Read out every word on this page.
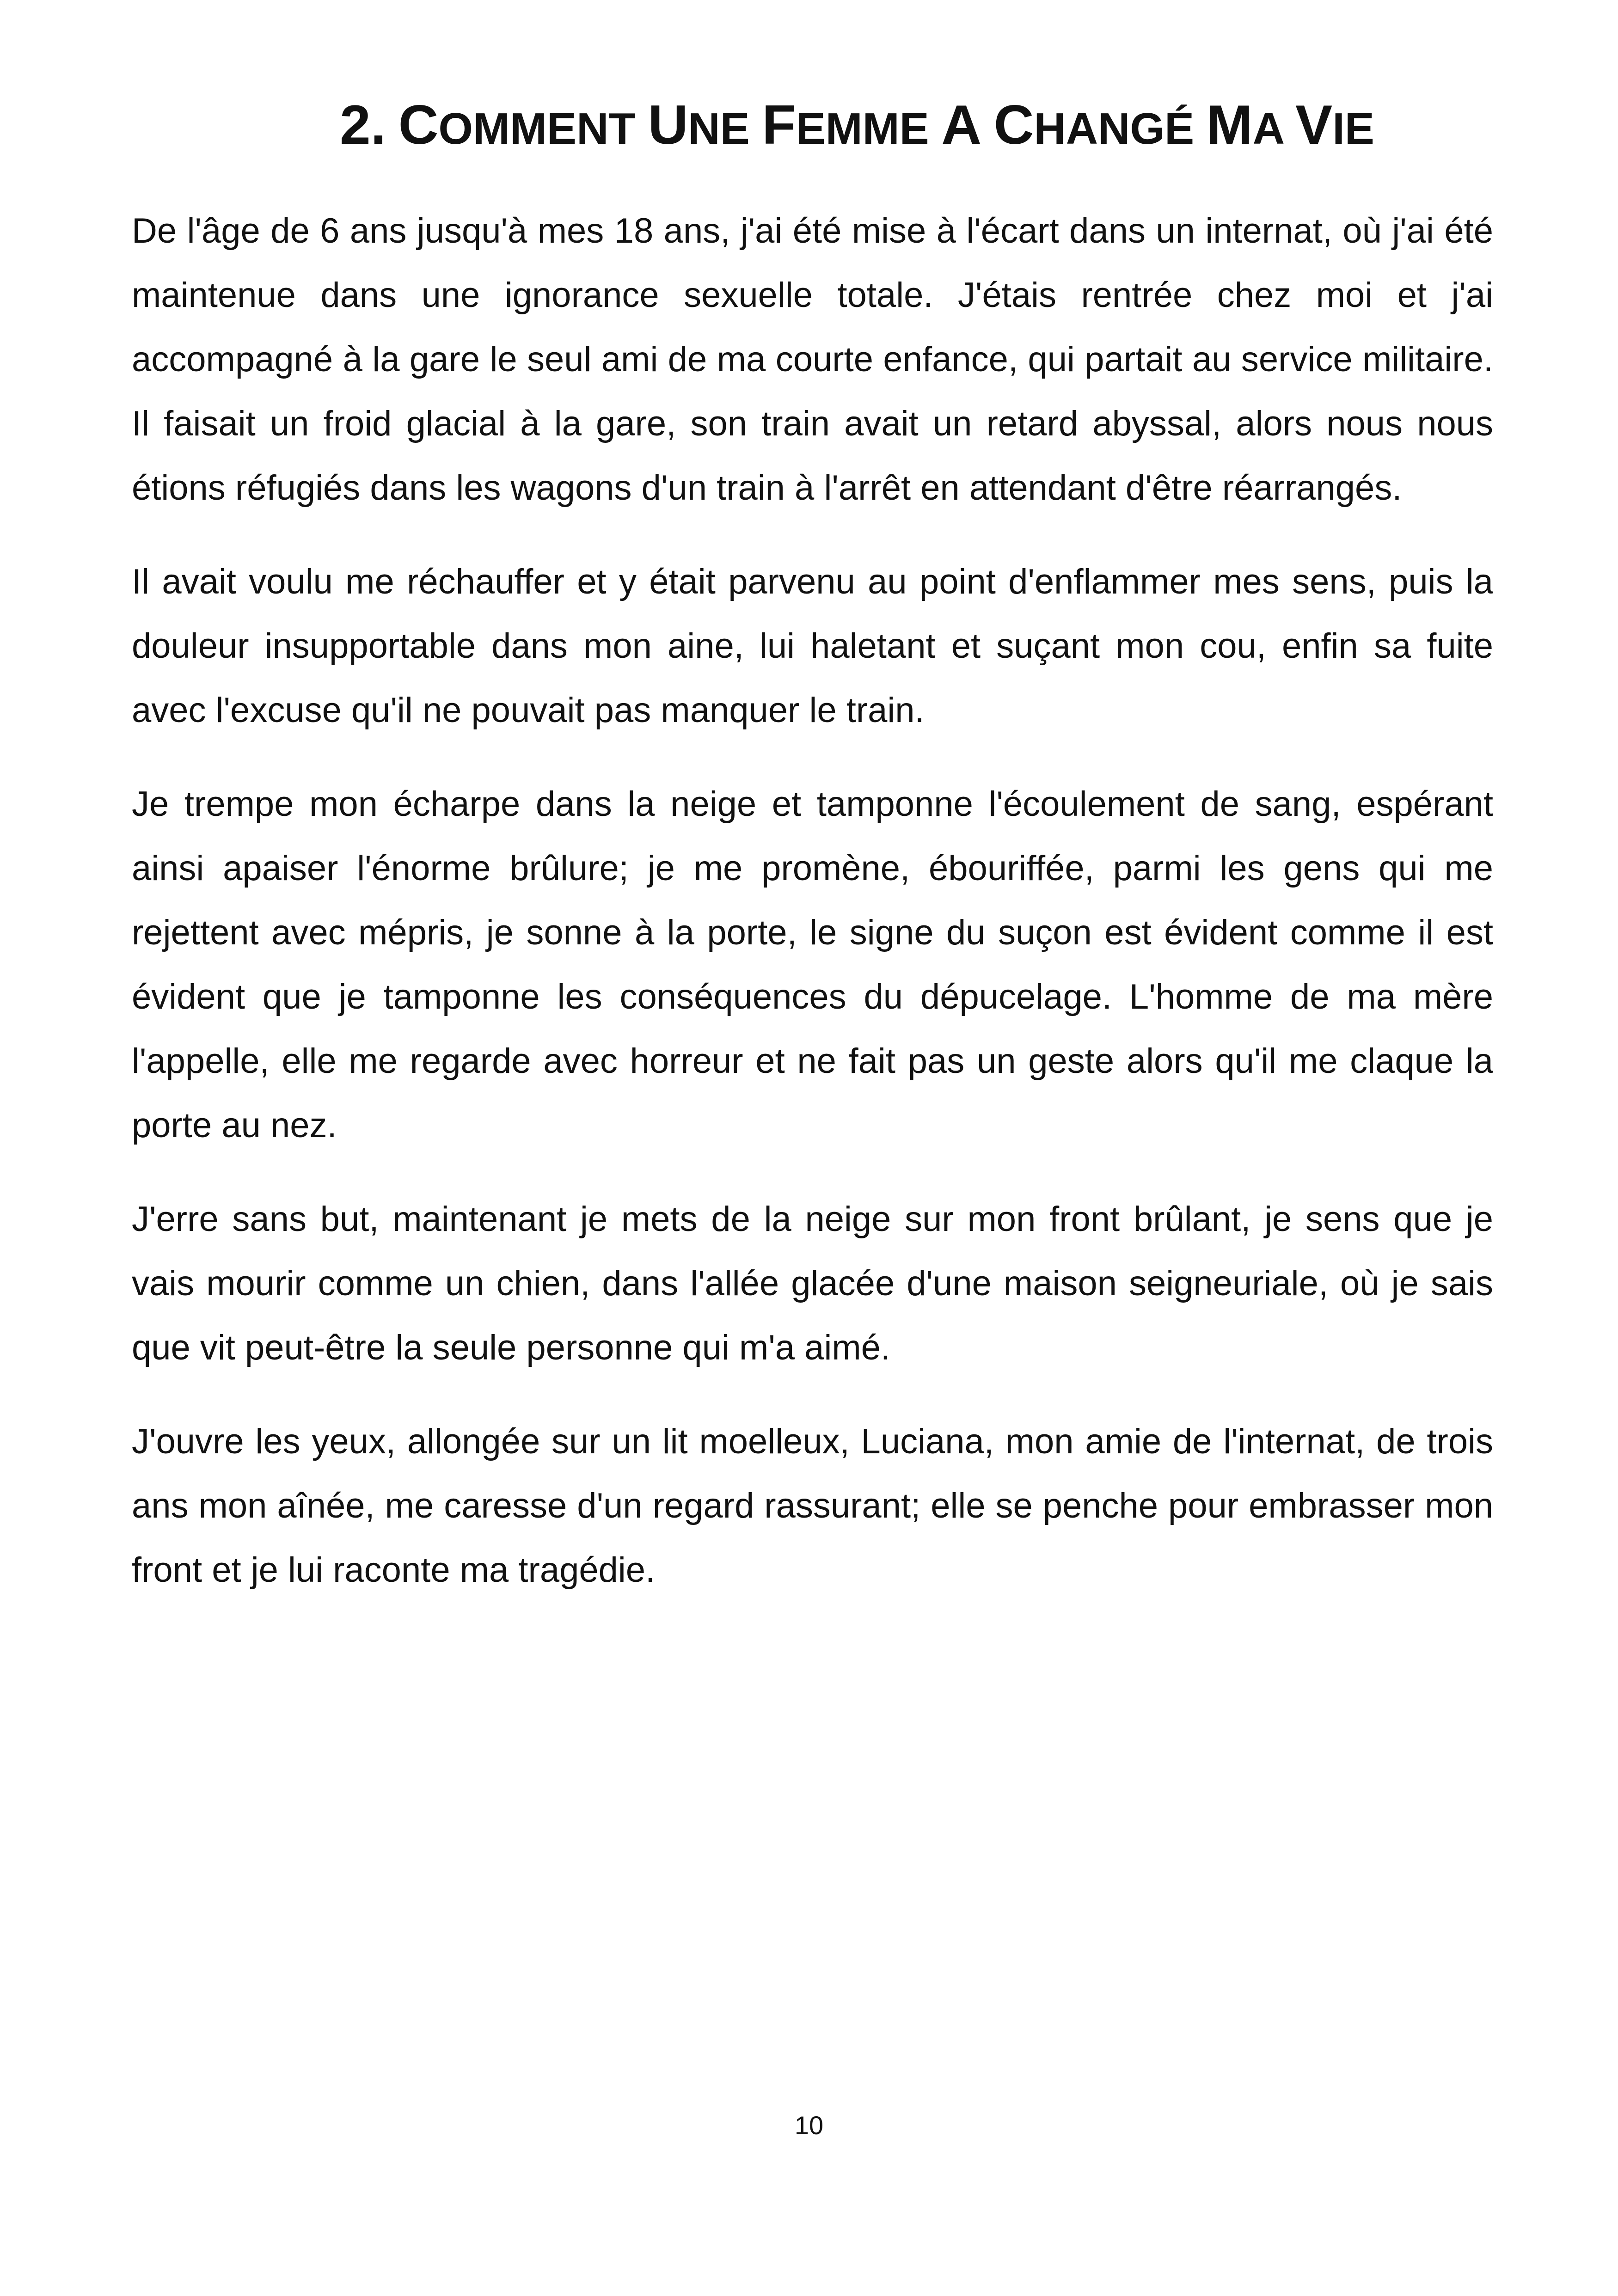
2. COMMENT UNE FEMME A CHANGÉ MA VIE

De l'âge de 6 ans jusqu'à mes 18 ans, j'ai été mise à l'écart dans un internat, où j'ai été maintenue dans une ignorance sexuelle totale. J'étais rentrée chez moi et j'ai accompagné à la gare le seul ami de ma courte enfance, qui partait au service militaire. Il faisait un froid glacial à la gare, son train avait un retard abyssal, alors nous nous étions réfugiés dans les wagons d'un train à l'arrêt en attendant d'être réarrangés.

Il avait voulu me réchauffer et y était parvenu au point d'enflammer mes sens, puis la douleur insupportable dans mon aine, lui haletant et suçant mon cou, enfin sa fuite avec l'excuse qu'il ne pouvait pas manquer le train.

Je trempe mon écharpe dans la neige et tamponne l'écoulement de sang, espérant ainsi apaiser l'énorme brûlure; je me promène, ébouriffée, parmi les gens qui me rejettent avec mépris, je sonne à la porte, le signe du suçon est évident comme il est évident que je tamponne les conséquences du dépucelage. L'homme de ma mère l'appelle, elle me regarde avec horreur et ne fait pas un geste alors qu'il me claque la porte au nez.

J'erre sans but, maintenant je mets de la neige sur mon front brûlant, je sens que je vais mourir comme un chien, dans l'allée glacée d'une maison seigneuriale, où je sais que vit peut-être la seule personne qui m'a aimé.

J'ouvre les yeux, allongée sur un lit moelleux, Luciana, mon amie de l'internat, de trois ans mon aînée, me caresse d'un regard rassurant; elle se penche pour embrasser mon front et je lui raconte ma tragédie.

10
